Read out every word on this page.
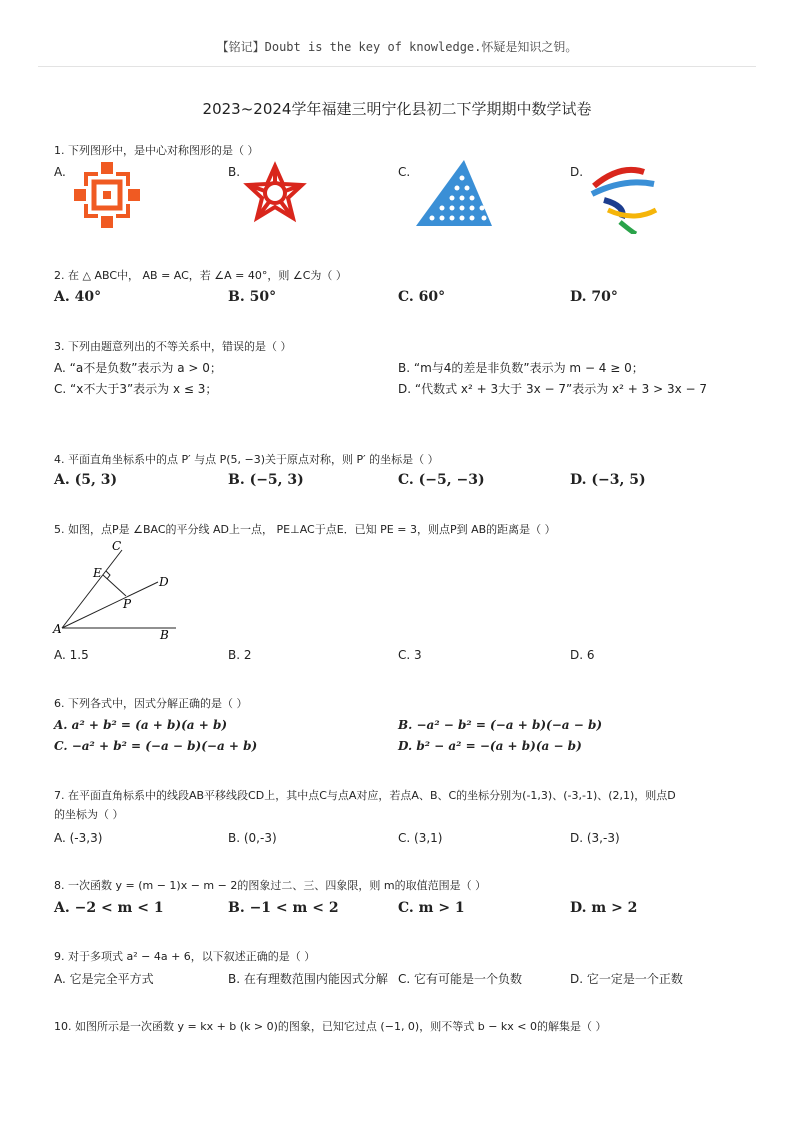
【铭记】Doubt is the key of knowledge.怀疑是知识之钥。
2023~2024学年福建三明宁化县初二下学期期中数学试卷
1. 下列图形中，是中心对称图形的是（ ）
A.	B.	C.	D.
2. 在 △ ABC中， AB = AC，若 ∠A = 40°，则 ∠C为（ ）
A. 40°	B. 50°	C. 60°	D. 70°
3. 下列由题意列出的不等关系中，错误的是（ ）
A. “a不是负数”表示为 a > 0；	B. “m与4的差是非负数”表示为 m − 4 ≥ 0；
C. “x不大于3”表示为 x ≤ 3；	D. “代数式 x² + 3大于 3x − 7”表示为 x² + 3 > 3x − 7
4. 平面直角坐标系中的点 P′ 与点 P(5, −3)关于原点对称，则 P′ 的坐标是（ ）
A. (5, 3)	B. (−5, 3)	C. (−5, −3)	D. (−3, 5)
5. 如图，点P是 ∠BAC的平分线 AD上一点， PE⊥AC于点E．已知 PE = 3，则点P到 AB的距离是（ ）
C
E
D
P
A	B
A. 1.5	B. 2	C. 3	D. 6
6. 下列各式中，因式分解正确的是（ ）
A. a² + b² = (a + b)(a + b)	B. −a² − b² = (−a + b)(−a − b)
C. −a² + b² = (−a − b)(−a + b)	D. b² − a² = −(a + b)(a − b)
7. 在平面直角标系中的线段AB平移线段CD上，其中点C与点A对应，若点A、B、C的坐标分别为(-1,3)、(-3,-1)、(2,1)，则点D
的坐标为（ ）
A. (-3,3)	B. (0,-3)	C. (3,1)	D. (3,-3)
8. 一次函数 y = (m − 1)x − m − 2的图象过二、三、四象限，则 m的取值范围是（ ）
A. −2 < m < 1	B. −1 < m < 2	C. m > 1	D. m > 2
9. 对于多项式 a² − 4a + 6，以下叙述正确的是（ ）
A. 它是完全平方式	B. 在有理数范围内能因式分解 C. 它有可能是一个负数	D. 它一定是一个正数
10. 如图所示是一次函数 y = kx + b (k > 0)的图象，已知它过点 (−1, 0)，则不等式 b − kx < 0的解集是（ ）
